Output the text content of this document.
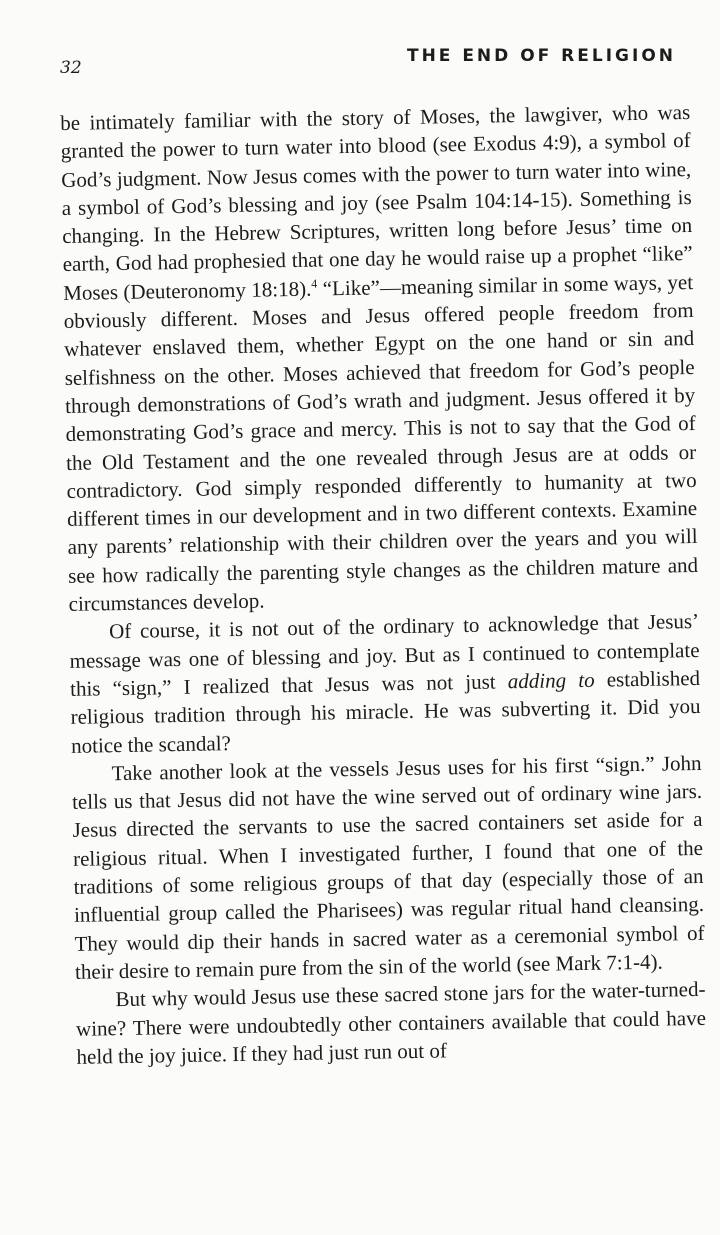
32
THE END OF RELIGION

be intimately familiar with the story of Moses, the lawgiver, who was granted the power to turn water into blood (see Exodus 4:9), a symbol of God’s judgment. Now Jesus comes with the power to turn water into wine, a symbol of God’s blessing and joy (see Psalm 104:14-15). Something is changing. In the Hebrew Scriptures, written long before Jesus’ time on earth, God had prophesied that one day he would raise up a prophet “like” Moses (Deuteronomy 18:18).$^4$ “Like”—meaning similar in some ways, yet obviously different. Moses and Jesus offered people freedom from whatever enslaved them, whether Egypt on the one hand or sin and selfishness on the other. Moses achieved that freedom for God’s people through demonstrations of God’s wrath and judgment. Jesus offered it by demonstrating God’s grace and mercy. This is not to say that the God of the Old Testament and the one revealed through Jesus are at odds or contradictory. God simply responded differently to humanity at two different times in our development and in two different contexts. Examine any parents’ relationship with their children over the years and you will see how radically the parenting style changes as the children mature and circumstances develop.

Of course, it is not out of the ordinary to acknowledge that Jesus’ message was one of blessing and joy. But as I continued to contemplate this “sign,” I realized that Jesus was not just adding to established religious tradition through his miracle. He was subverting it. Did you notice the scandal?

Take another look at the vessels Jesus uses for his first “sign.” John tells us that Jesus did not have the wine served out of ordinary wine jars. Jesus directed the servants to use the sacred containers set aside for a religious ritual. When I investigated further, I found that one of the traditions of some religious groups of that day (especially those of an influential group called the Pharisees) was regular ritual hand cleansing. They would dip their hands in sacred water as a ceremonial symbol of their desire to remain pure from the sin of the world (see Mark 7:1-4).

But why would Jesus use these sacred stone jars for the water-turned-wine? There were undoubtedly other containers available that could have held the joy juice. If they had just run out of
